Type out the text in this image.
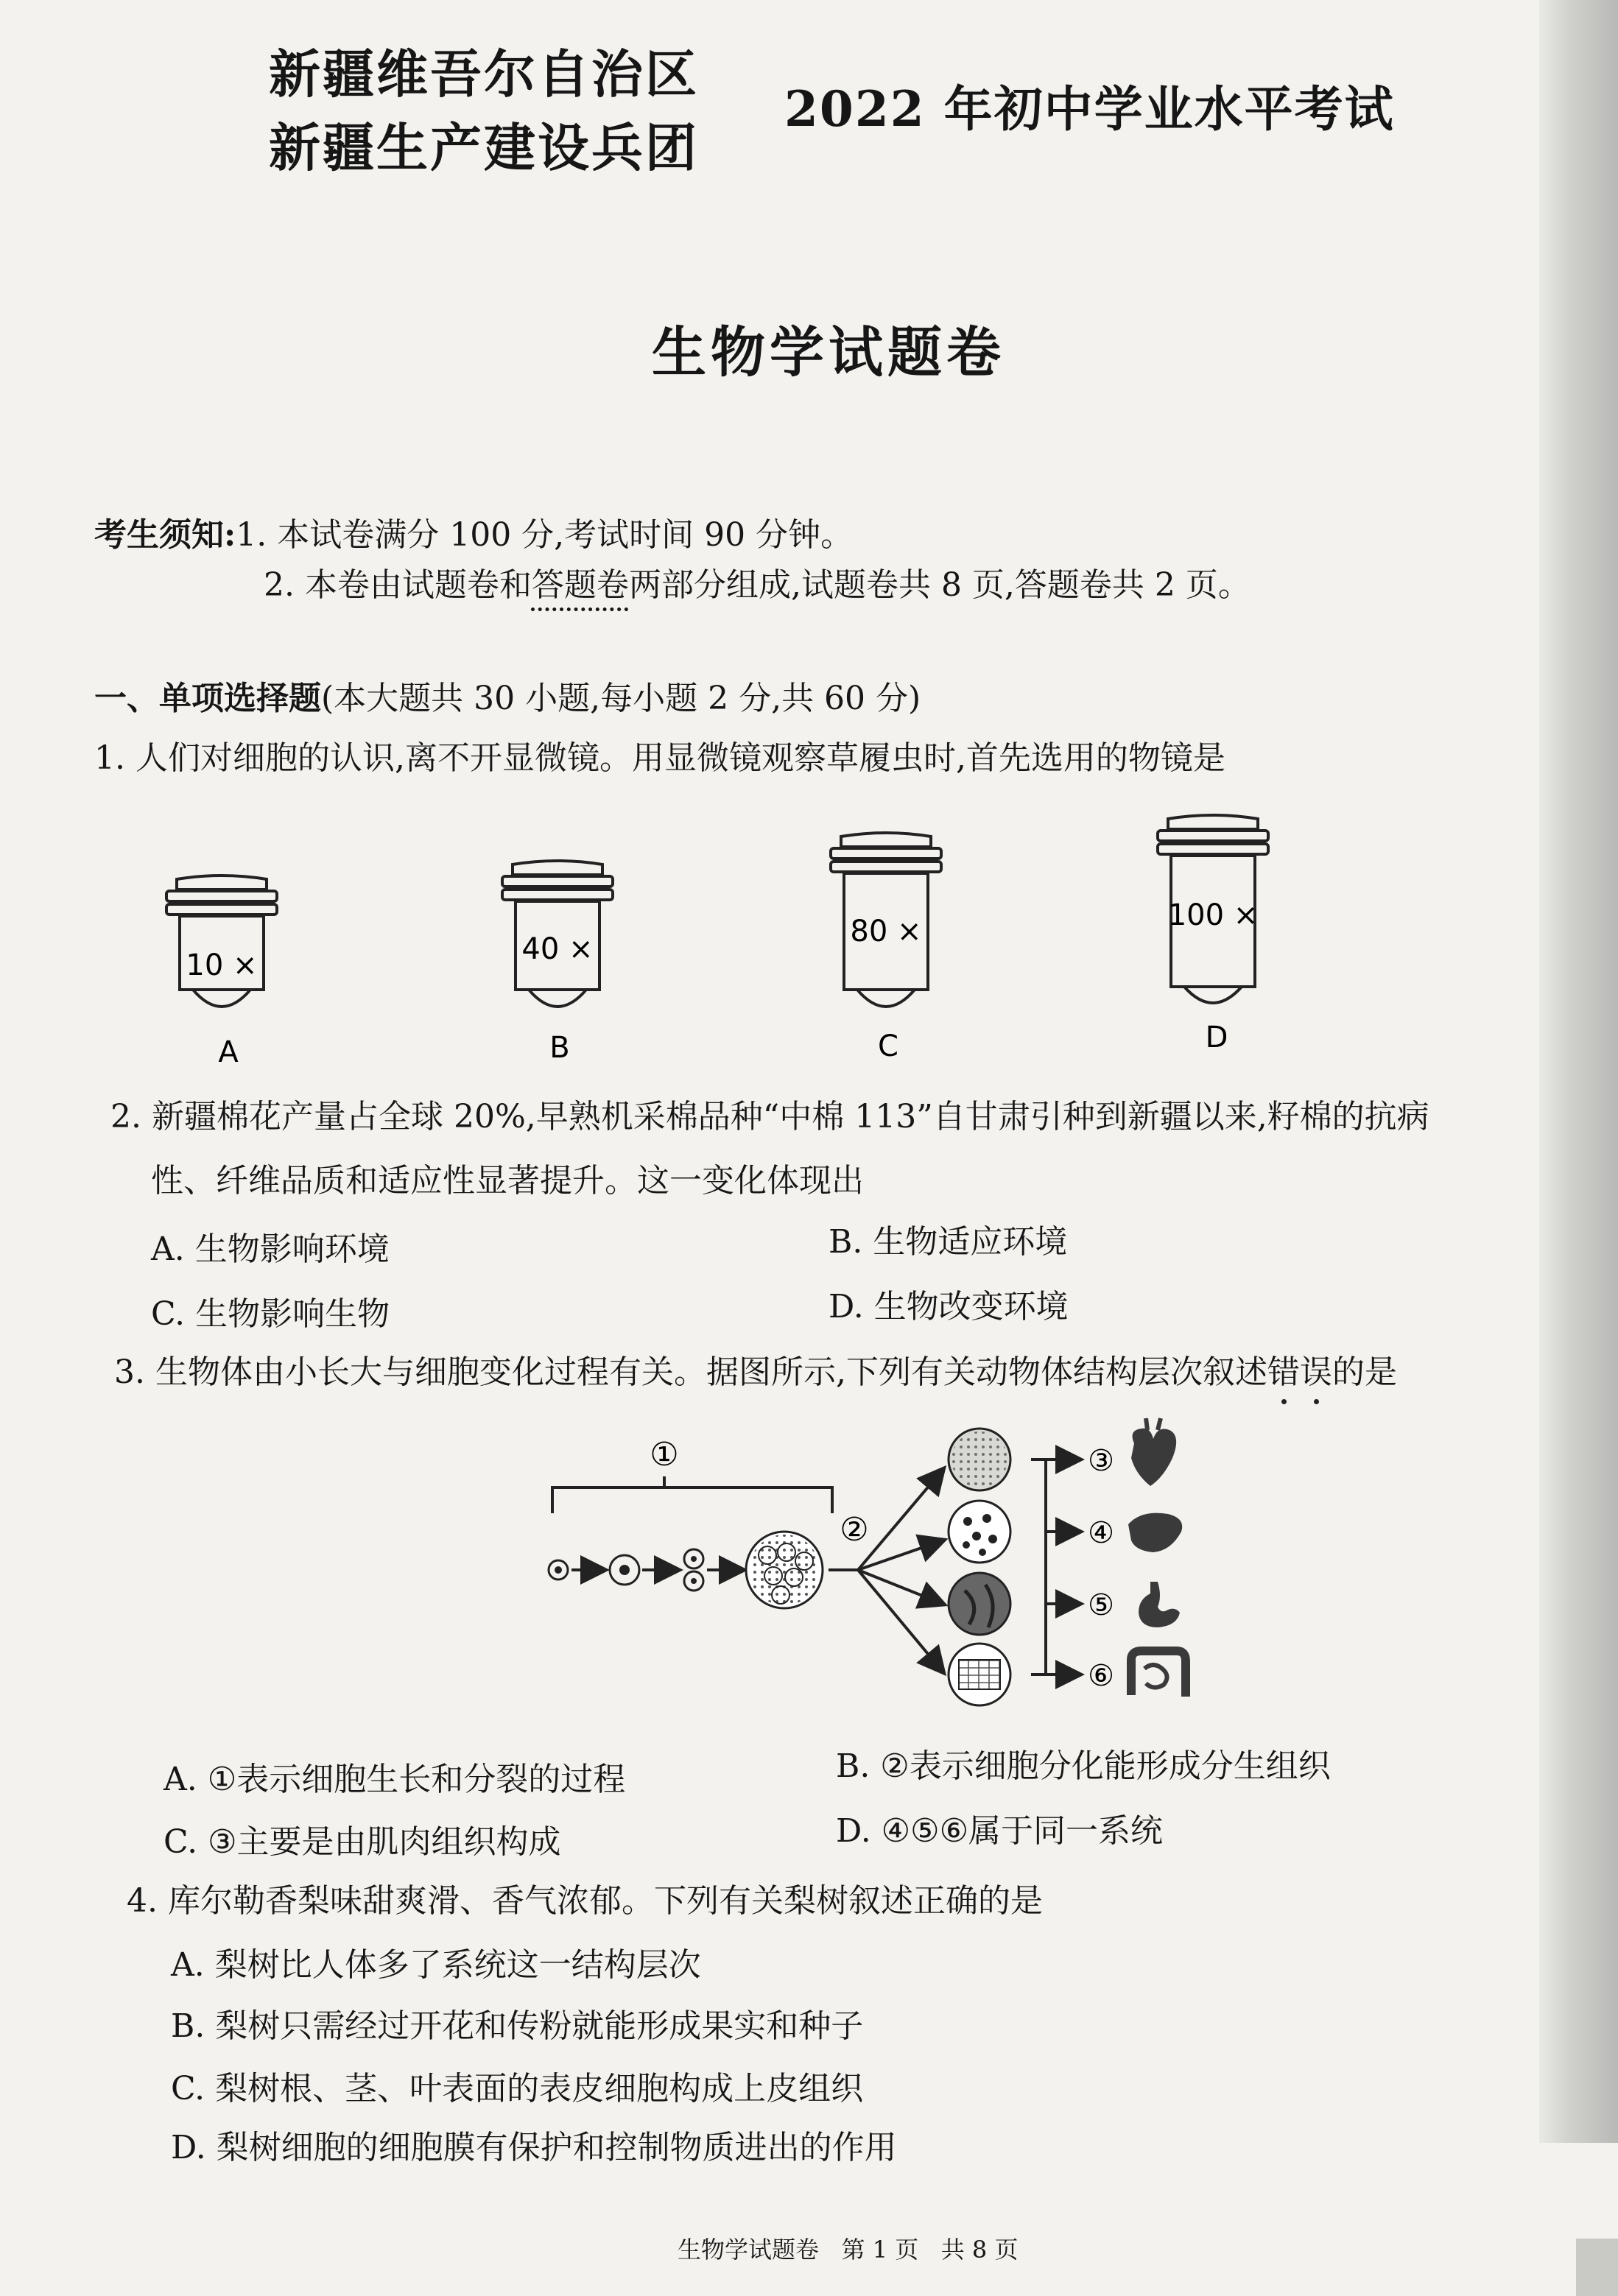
新疆维吾尔自治区
新疆生产建设兵团
2022 年初中学业水平考试
生物学试题卷
考生须知:1. 本试卷满分 100 分,考试时间 90 分钟。
2. 本卷由试题卷和答题卷两部分组成,试题卷共 8 页,答题卷共 2 页。
一、单项选择题(本大题共 30 小题,每小题 2 分,共 60 分)
1. 人们对细胞的认识,离不开显微镜。用显微镜观察草履虫时,首先选用的物镜是
10 ×
A
40 ×
B
80 ×
C
100 ×
D
2. 新疆棉花产量占全球 20%,早熟机采棉品种“中棉 113”自甘肃引种到新疆以来,籽棉的抗病
性、纤维品质和适应性显著提升。这一变化体现出
A. 生物影响环境	B. 生物适应环境
C. 生物影响生物	D. 生物改变环境
3. 生物体由小长大与细胞变化过程有关。据图所示,下列有关动物体结构层次叙述错误的是
①
②
③
④
⑤
⑥
A. ①表示细胞生长和分裂的过程	B. ②表示细胞分化能形成分生组织
C. ③主要是由肌肉组织构成	D. ④⑤⑥属于同一系统
4. 库尔勒香梨味甜爽滑、香气浓郁。下列有关梨树叙述正确的是
A. 梨树比人体多了系统这一结构层次
B. 梨树只需经过开花和传粉就能形成果实和种子
C. 梨树根、茎、叶表面的表皮细胞构成上皮组织
D. 梨树细胞的细胞膜有保护和控制物质进出的作用
生物学试题卷   第 1 页   共 8 页
